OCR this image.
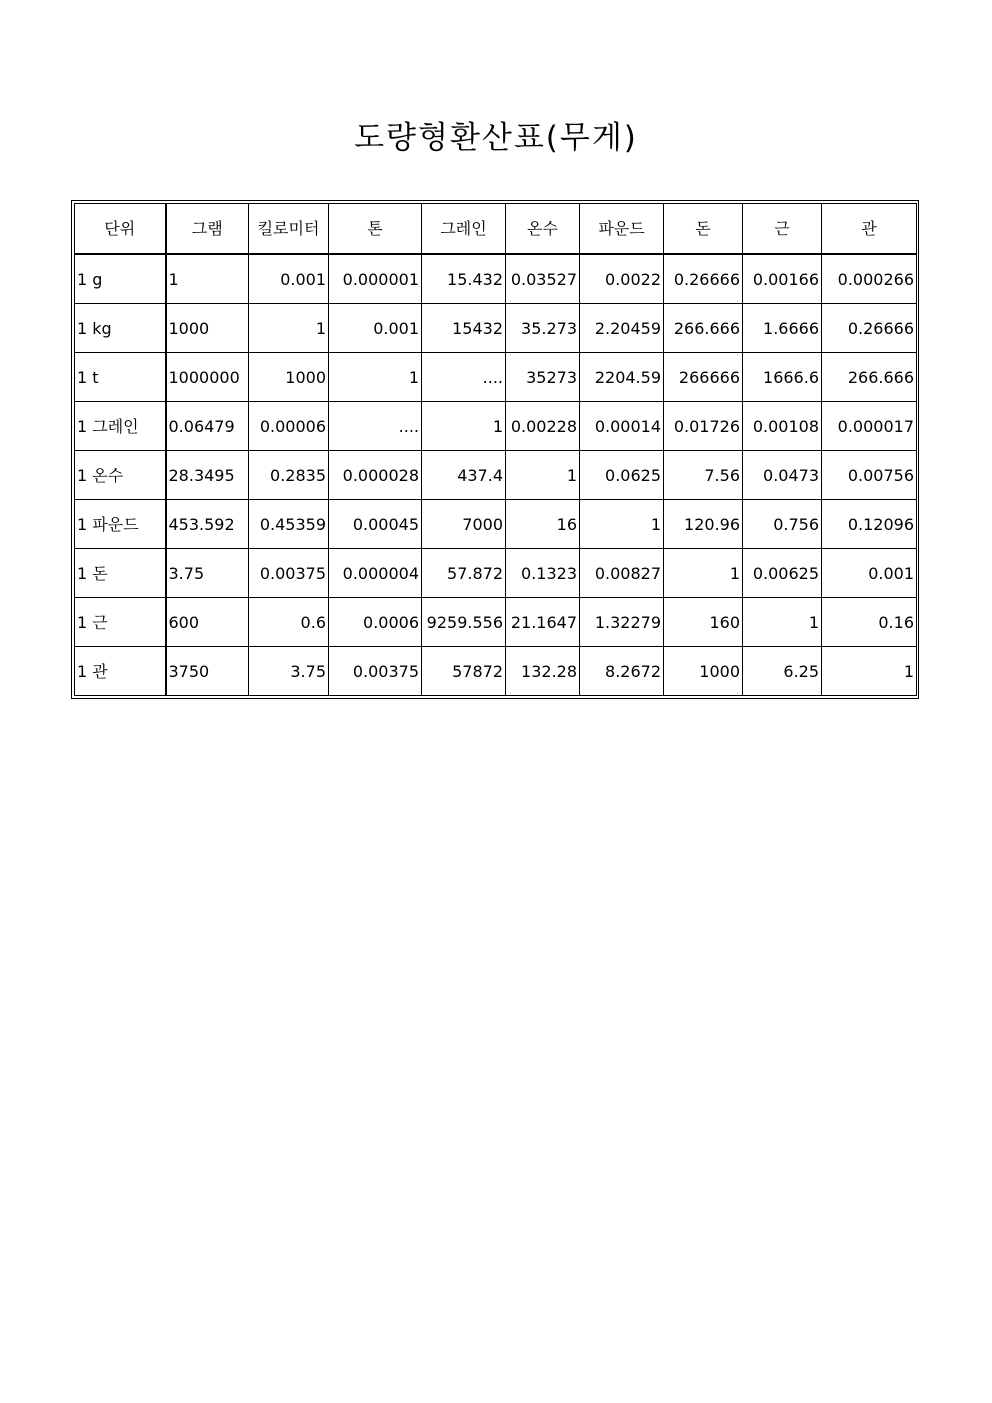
도량형환산표(무게)
단위	그램	킬로미터	톤	그레인	온수	파운드	돈	근	관
1 g	1	0.001	0.000001	15.432	0.03527	0.0022	0.26666	0.00166	0.000266
1 kg	1000	1	0.001	15432	35.273	2.20459	266.666	1.6666	0.26666
1 t	1000000	1000	1	....	35273	2204.59	266666	1666.6	266.666
1 그레인	0.06479	0.00006	....	1	0.00228	0.00014	0.01726	0.00108	0.000017
1 온수	28.3495	0.2835	0.000028	437.4	1	0.0625	7.56	0.0473	0.00756
1 파운드	453.592	0.45359	0.00045	7000	16	1	120.96	0.756	0.12096
1 돈	3.75	0.00375	0.000004	57.872	0.1323	0.00827	1	0.00625	0.001
1 근	600	0.6	0.0006	9259.556	21.1647	1.32279	160	1	0.16
1 관	3750	3.75	0.00375	57872	132.28	8.2672	1000	6.25	1
